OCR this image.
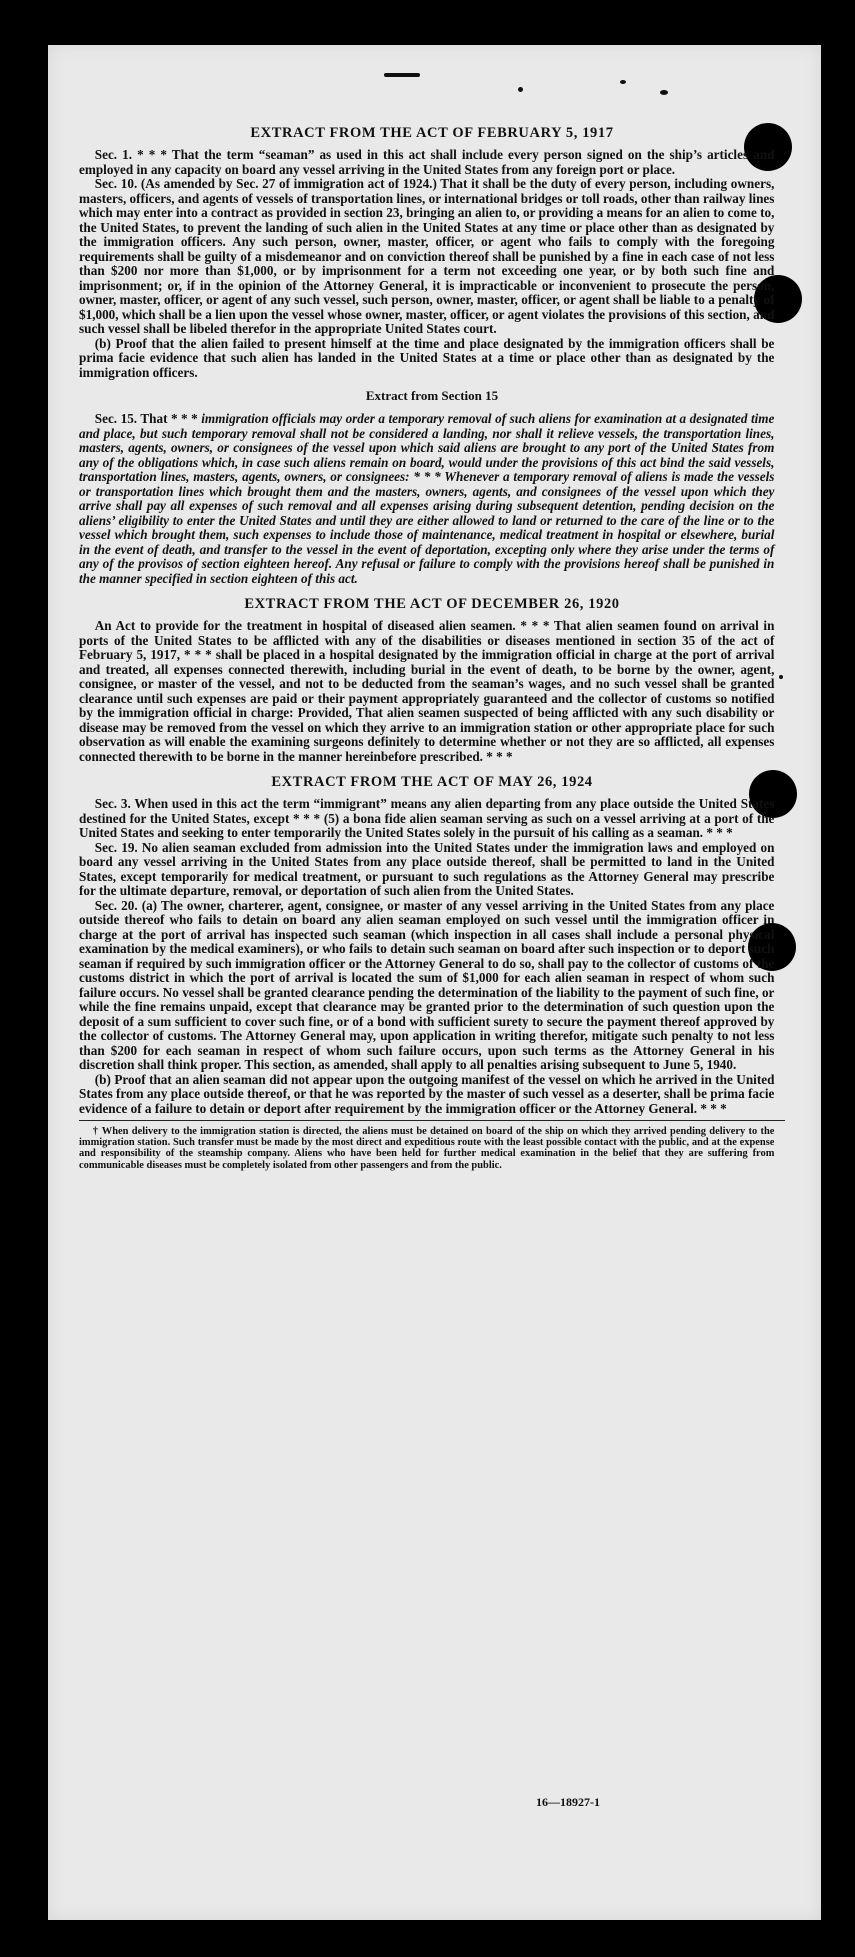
EXTRACT FROM THE ACT OF FEBRUARY 5, 1917

Sec. 1. * * * That the term “seaman” as used in this act shall include every person signed on the ship’s articles and employed in any capacity on board any vessel arriving in the United States from any foreign port or place.

Sec. 10. (As amended by Sec. 27 of immigration act of 1924.) That it shall be the duty of every person, including owners, masters, officers, and agents of vessels of transportation lines, or international bridges or toll roads, other than railway lines which may enter into a contract as provided in section 23, bringing an alien to, or providing a means for an alien to come to, the United States, to prevent the landing of such alien in the United States at any time or place other than as designated by the immigration officers. Any such person, owner, master, officer, or agent who fails to comply with the foregoing requirements shall be guilty of a misdemeanor and on conviction thereof shall be punished by a fine in each case of not less than $200 nor more than $1,000, or by imprisonment for a term not exceeding one year, or by both such fine and imprisonment; or, if in the opinion of the Attorney General, it is impracticable or inconvenient to prosecute the person, owner, master, officer, or agent of any such vessel, such person, owner, master, officer, or agent shall be liable to a penalty of $1,000, which shall be a lien upon the vessel whose owner, master, officer, or agent violates the provisions of this section, and such vessel shall be libeled therefor in the appropriate United States court.

(b) Proof that the alien failed to present himself at the time and place designated by the immigration officers shall be prima facie evidence that such alien has landed in the United States at a time or place other than as designated by the immigration officers.

Extract from Section 15

Sec. 15. That * * * immigration officials may order a temporary removal of such aliens for examination at a designated time and place, but such temporary removal shall not be considered a landing, nor shall it relieve vessels, the transportation lines, masters, agents, owners, or consignees of the vessel upon which said aliens are brought to any port of the United States from any of the obligations which, in case such aliens remain on board, would under the provisions of this act bind the said vessels, transportation lines, masters, agents, owners, or consignees: * * * Whenever a temporary removal of aliens is made the vessels or transportation lines which brought them and the masters, owners, agents, and consignees of the vessel upon which they arrive shall pay all expenses of such removal and all expenses arising during subsequent detention, pending decision on the aliens’ eligibility to enter the United States and until they are either allowed to land or returned to the care of the line or to the vessel which brought them, such expenses to include those of maintenance, medical treatment in hospital or elsewhere, burial in the event of death, and transfer to the vessel in the event of deportation, excepting only where they arise under the terms of any of the provisos of section eighteen hereof. Any refusal or failure to comply with the provisions hereof shall be punished in the manner specified in section eighteen of this act.

EXTRACT FROM THE ACT OF DECEMBER 26, 1920

An Act to provide for the treatment in hospital of diseased alien seamen. * * * That alien seamen found on arrival in ports of the United States to be afflicted with any of the disabilities or diseases mentioned in section 35 of the act of February 5, 1917, * * * shall be placed in a hospital designated by the immigration official in charge at the port of arrival and treated, all expenses connected therewith, including burial in the event of death, to be borne by the owner, agent, consignee, or master of the vessel, and not to be deducted from the seaman’s wages, and no such vessel shall be granted clearance until such expenses are paid or their payment appropriately guaranteed and the collector of customs so notified by the immigration official in charge: Provided, That alien seamen suspected of being afflicted with any such disability or disease may be removed from the vessel on which they arrive to an immigration station or other appropriate place for such observation as will enable the examining surgeons definitely to determine whether or not they are so afflicted, all expenses connected therewith to be borne in the manner hereinbefore prescribed. * * *

EXTRACT FROM THE ACT OF MAY 26, 1924

Sec. 3. When used in this act the term “immigrant” means any alien departing from any place outside the United States destined for the United States, except * * * (5) a bona fide alien seaman serving as such on a vessel arriving at a port of the United States and seeking to enter temporarily the United States solely in the pursuit of his calling as a seaman. * * *

Sec. 19. No alien seaman excluded from admission into the United States under the immigration laws and employed on board any vessel arriving in the United States from any place outside thereof, shall be permitted to land in the United States, except temporarily for medical treatment, or pursuant to such regulations as the Attorney General may prescribe for the ultimate departure, removal, or deportation of such alien from the United States.

Sec. 20. (a) The owner, charterer, agent, consignee, or master of any vessel arriving in the United States from any place outside thereof who fails to detain on board any alien seaman employed on such vessel until the immigration officer in charge at the port of arrival has inspected such seaman (which inspection in all cases shall include a personal physical examination by the medical examiners), or who fails to detain such seaman on board after such inspection or to deport such seaman if required by such immigration officer or the Attorney General to do so, shall pay to the collector of customs of the customs district in which the port of arrival is located the sum of $1,000 for each alien seaman in respect of whom such failure occurs. No vessel shall be granted clearance pending the determination of the liability to the payment of such fine, or while the fine remains unpaid, except that clearance may be granted prior to the determination of such question upon the deposit of a sum sufficient to cover such fine, or of a bond with sufficient surety to secure the payment thereof approved by the collector of customs. The Attorney General may, upon application in writing therefor, mitigate such penalty to not less than $200 for each seaman in respect of whom such failure occurs, upon such terms as the Attorney General in his discretion shall think proper. This section, as amended, shall apply to all penalties arising subsequent to June 5, 1940.

(b) Proof that an alien seaman did not appear upon the outgoing manifest of the vessel on which he arrived in the United States from any place outside thereof, or that he was reported by the master of such vessel as a deserter, shall be prima facie evidence of a failure to detain or deport after requirement by the immigration officer or the Attorney General. * * *

† When delivery to the immigration station is directed, the aliens must be detained on board of the ship on which they arrived pending delivery to the immigration station. Such transfer must be made by the most direct and expeditious route with the least possible contact with the public, and at the expense and responsibility of the steamship company. Aliens who have been held for further medical examination in the belief that they are suffering from communicable diseases must be completely isolated from other passengers and from the public.

16—18927-1
